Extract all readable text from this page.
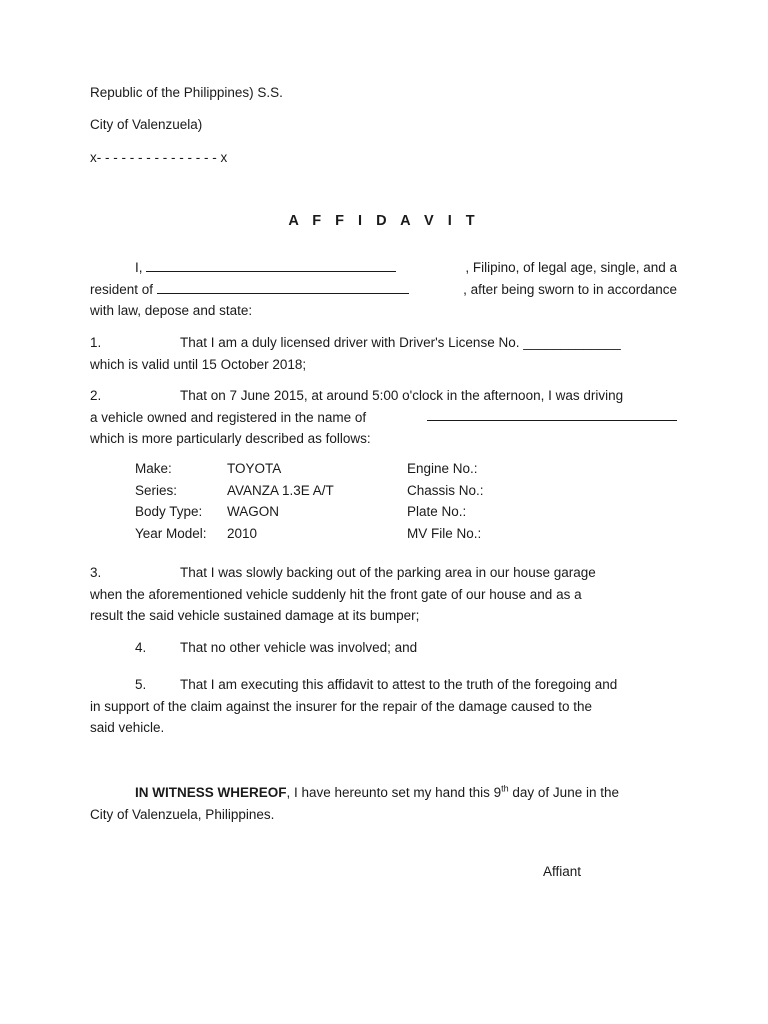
Republic of the Philippines) S.S.
City of Valenzuela)
x- - - - - - - - - - - - - - - x
A F F I D A V I T
I,	, Filipino, of legal age, single, and a
resident of	, after being sworn to in accordance
with law, depose and state:
1.	That I am a duly licensed driver with Driver's License No. _____________
which is valid until 15 October 2018;
2.	That on 7 June 2015, at around 5:00 o'clock in the afternoon, I was driving
a vehicle owned and registered in the name of
which is more particularly described as follows:
Make:	TOYOTA	Engine No.:
Series:	AVANZA 1.3E A/T	Chassis No.:
Body Type:	WAGON	Plate No.:
Year Model:	2010	MV File No.:
3.	That I was slowly backing out of the parking area in our house garage
when the aforementioned vehicle suddenly hit the front gate of our house and as a
result the said vehicle sustained damage at its bumper;
4.	That no other vehicle was involved; and
5. That I am executing this affidavit to attest to the truth of the foregoing and
in support of the claim against the insurer for the repair of the damage caused to the
said vehicle.
IN WITNESS WHEREOF, I have hereunto set my hand this 9th day of June in the
City of Valenzuela, Philippines.
Affiant
